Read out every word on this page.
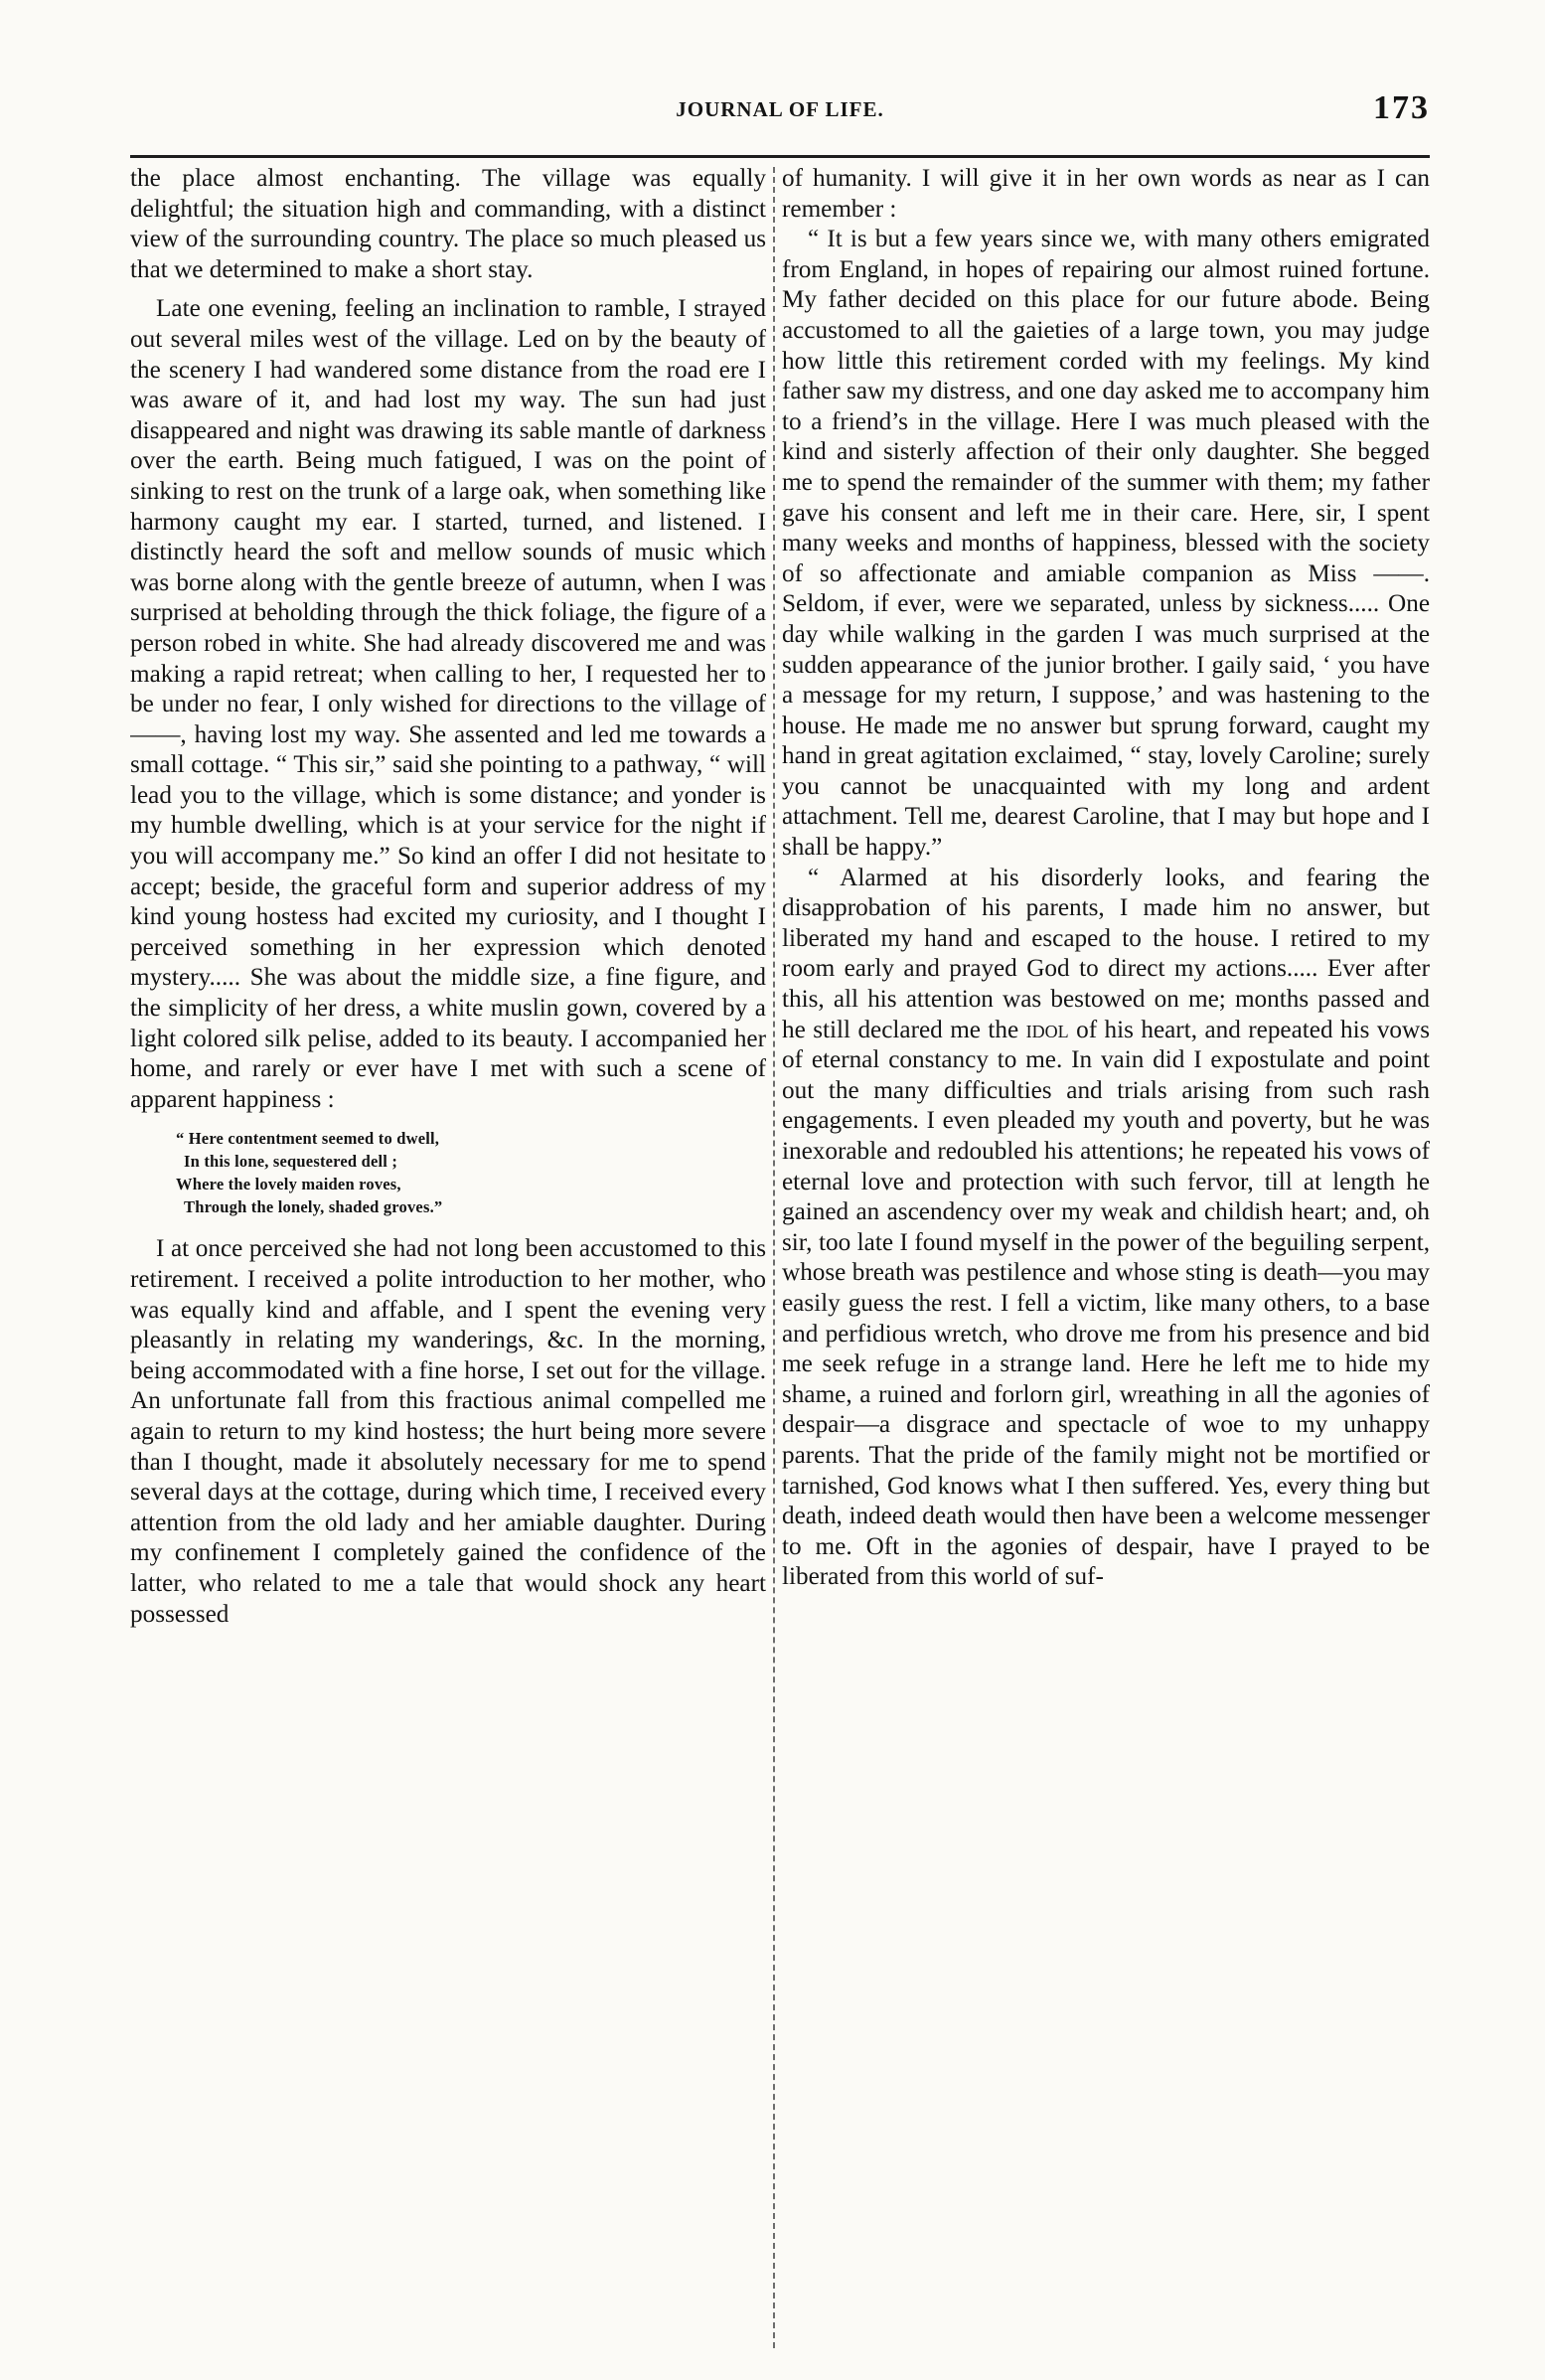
JOURNAL OF LIFE.	173

the place almost enchanting. The village was equally delightful; the situation high and commanding, with a distinct view of the surrounding country. The place so much pleased us that we determined to make a short stay.

Late one evening, feeling an inclination to ramble, I strayed out several miles west of the village. Led on by the beauty of the scenery I had wandered some distance from the road ere I was aware of it, and had lost my way. The sun had just disappeared and night was drawing its sable mantle of darkness over the earth. Being much fatigued, I was on the point of sinking to rest on the trunk of a large oak, when something like harmony caught my ear. I started, turned, and listened. I distinctly heard the soft and mellow sounds of music which was borne along with the gentle breeze of autumn, when I was surprised at beholding through the thick foliage, the figure of a person robed in white. She had already discovered me and was making a rapid retreat; when calling to her, I requested her to be under no fear, I only wished for directions to the village of ——, having lost my way. She assented and led me towards a small cottage. “ This sir,” said she pointing to a pathway, “ will lead you to the village, which is some distance; and yonder is my humble dwelling, which is at your service for the night if you will accompany me.” So kind an offer I did not hesitate to accept; beside, the graceful form and superior address of my kind young hostess had excited my curiosity, and I thought I perceived something in her expression which denoted mystery..... She was about the middle size, a fine figure, and the simplicity of her dress, a white muslin gown, covered by a light colored silk pelise, added to its beauty. I accompanied her home, and rarely or ever have I met with such a scene of apparent happiness :

“ Here contentment seemed to dwell,
In this lone, sequestered dell ;
Where the lovely maiden roves,
Through the lonely, shaded groves.”

I at once perceived she had not long been accustomed to this retirement. I received a polite introduction to her mother, who was equally kind and affable, and I spent the evening very pleasantly in relating my wanderings, &c. In the morning, being accommodated with a fine horse, I set out for the village. An unfortunate fall from this fractious animal compelled me again to return to my kind hostess; the hurt being more severe than I thought, made it absolutely necessary for me to spend several days at the cottage, during which time, I received every attention from the old lady and her amiable daughter. During my confinement I completely gained the confidence of the latter, who related to me a tale that would shock any heart possessed

of humanity. I will give it in her own words as near as I can remember :

“ It is but a few years since we, with many others emigrated from England, in hopes of repairing our almost ruined fortune. My father decided on this place for our future abode. Being accustomed to all the gaieties of a large town, you may judge how little this retirement corded with my feelings. My kind father saw my distress, and one day asked me to accompany him to a friend’s in the village. Here I was much pleased with the kind and sisterly affection of their only daughter. She begged me to spend the remainder of the summer with them; my father gave his consent and left me in their care. Here, sir, I spent many weeks and months of happiness, blessed with the society of so affectionate and amiable companion as Miss ——. Seldom, if ever, were we separated, unless by sickness..... One day while walking in the garden I was much surprised at the sudden appearance of the junior brother. I gaily said, ‘ you have a message for my return, I suppose,’ and was hastening to the house. He made me no answer but sprung forward, caught my hand in great agitation exclaimed, “ stay, lovely Caroline; surely you cannot be unacquainted with my long and ardent attachment. Tell me, dearest Caroline, that I may but hope and I shall be happy.”

“ Alarmed at his disorderly looks, and fearing the disapprobation of his parents, I made him no answer, but liberated my hand and escaped to the house. I retired to my room early and prayed God to direct my actions..... Ever after this, all his attention was bestowed on me; months passed and he still declared me the idol of his heart, and repeated his vows of eternal constancy to me. In vain did I expostulate and point out the many difficulties and trials arising from such rash engagements. I even pleaded my youth and poverty, but he was inexorable and redoubled his attentions; he repeated his vows of eternal love and protection with such fervor, till at length he gained an ascendency over my weak and childish heart; and, oh sir, too late I found myself in the power of the beguiling serpent, whose breath was pestilence and whose sting is death—you may easily guess the rest. I fell a victim, like many others, to a base and perfidious wretch, who drove me from his presence and bid me seek refuge in a strange land. Here he left me to hide my shame, a ruined and forlorn girl, wreathing in all the agonies of despair—a disgrace and spectacle of woe to my unhappy parents. That the pride of the family might not be mortified or tarnished, God knows what I then suffered. Yes, every thing but death, indeed death would then have been a welcome messenger to me. Oft in the agonies of despair, have I prayed to be liberated from this world of suf-
